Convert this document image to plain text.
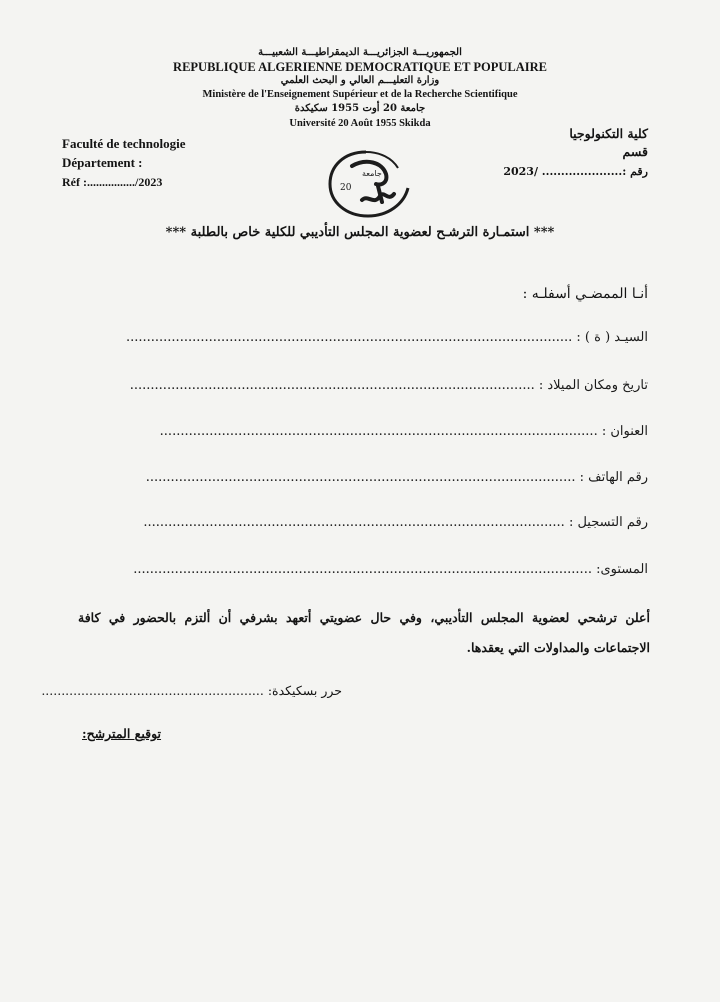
الجمهوريـــة الجزائريـــة الديمقراطيـــة الشعبيـــة
REPUBLIQUE ALGERIENNE DEMOCRATIQUE ET POPULAIRE
وزارة التعليـــم العالي و البحث العلمي
Ministère de l'Enseignement Supérieur et de la Recherche Scientifique
جامعة 20 أوت 1955 سكيكدة
Université 20 Août 1955 Skikda
Faculté de technologie
Département :
Réf :................/2023
كلية التكنولوجيا
قسم
رقم :..................... /2023
20
جامعة
*** استمـارة الترشـح لعضوية المجلس التأديبي للكلية خاص بالطلبة ***
أنـا الممضـي أسفلـه :
السيـد ( ة ) : ............................................................................................................
تاريخ ومكان الميلاد : ..................................................................................................
العنوان : ..........................................................................................................
رقم الهاتف : ........................................................................................................
رقم التسجيل : ......................................................................................................
المستوى: ...............................................................................................................
أعلن ترشحي لعضوية المجلس التأديبي، وفي حال عضويتي أتعهد بشرفي أن ألتزم بالحضور في كافة الاجتماعات والمداولات التي يعقدها.
حرر بسكيكدة: ........................................................
توقيع المترشح:
